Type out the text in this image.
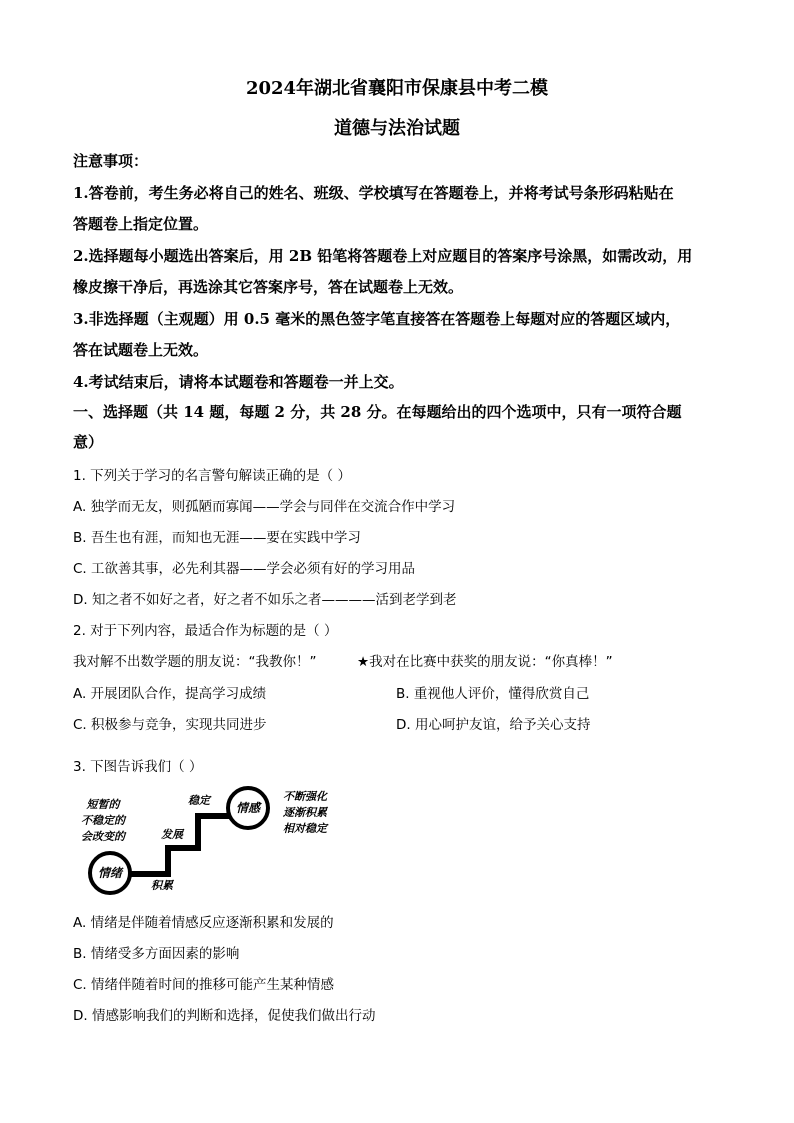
2024年湖北省襄阳市保康县中考二模
道德与法治试题
注意事项：
1.答卷前，考生务必将自己的姓名、班级、学校填写在答题卷上，并将考试号条形码粘贴在
答题卷上指定位置。
2.选择题每小题选出答案后，用 2B 铅笔将答题卷上对应题目的答案序号涂黑，如需改动，用
橡皮擦干净后，再选涂其它答案序号，答在试题卷上无效。
3.非选择题（主观题）用 0.5 毫米的黑色签字笔直接答在答题卷上每题对应的答题区域内，
答在试题卷上无效。
4.考试结束后，请将本试题卷和答题卷一并上交。
一、选择题（共 14 题，每题 2 分，共 28 分。在每题给出的四个选项中，只有一项符合题
意）
1. 下列关于学习的名言警句解读正确的是（ ）
A. 独学而无友，则孤陋而寡闻——学会与同伴在交流合作中学习
B. 吾生也有涯，而知也无涯——要在实践中学习
C. 工欲善其事，必先利其器——学会必须有好的学习用品
D. 知之者不如好之者，好之者不如乐之者————活到老学到老
2. 对于下列内容，最适合作为标题的是（ ）
我对解不出数学题的朋友说：“我教你！”	★我对在比赛中获奖的朋友说：“你真棒！”
A. 开展团队合作，提高学习成绩	B. 重视他人评价，懂得欣赏自己
C. 积极参与竞争，实现共同进步	D. 用心呵护友谊，给予关心支持
3. 下图告诉我们（ ）
短暂的
不稳定的
会改变的
情绪
积累
发展
稳定
情感
不断强化
逐渐积累
相对稳定
A. 情绪是伴随着情感反应逐渐积累和发展的
B. 情绪受多方面因素的影响
C. 情绪伴随着时间的推移可能产生某种情感
D. 情感影响我们的判断和选择，促使我们做出行动
